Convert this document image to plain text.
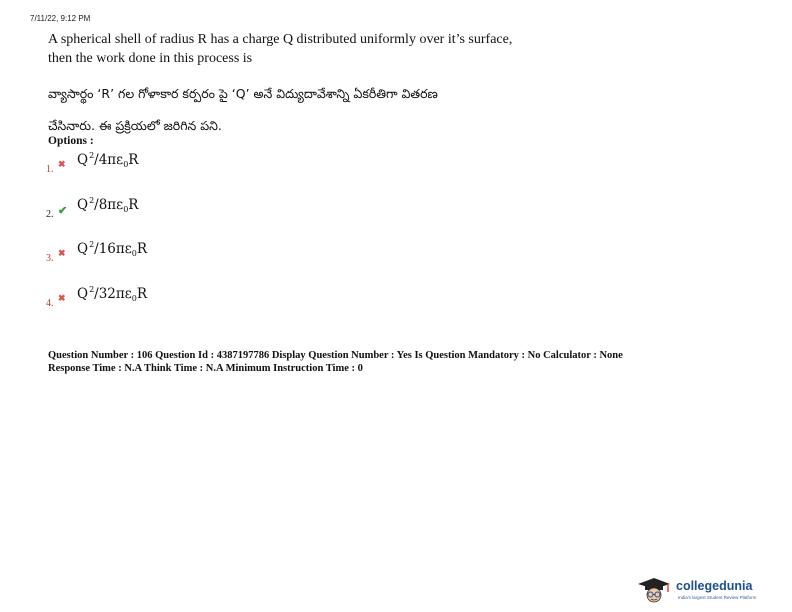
7/11/22, 9:12 PM
A spherical shell of radius R has a charge Q distributed uniformly over it’s surface,
then the work done in this process is
వ్యాసార్థం ‘R’ గల గోళాకార కర్పరం పై ‘Q’ అనే విద్యుదావేశాన్ని ఏకరీతిగా వితరణ
చేసినారు. ఈ ప్రక్రియలో జరిగిన పని.
Options :
1. ✖ $Q^2/4\pi\varepsilon_0R$
2. ✔ $Q^2/8\pi\varepsilon_0R$
3. ✖ $Q^2/16\pi\varepsilon_0R$
4. ✖ $Q^2/32\pi\varepsilon_0R$
Question Number : 106 Question Id : 4387197786 Display Question Number : Yes Is Question Mandatory : No Calculator : None
Response Time : N.A Think Time : N.A Minimum Instruction Time : 0
collegedunia
India's largest Student Review Platform
